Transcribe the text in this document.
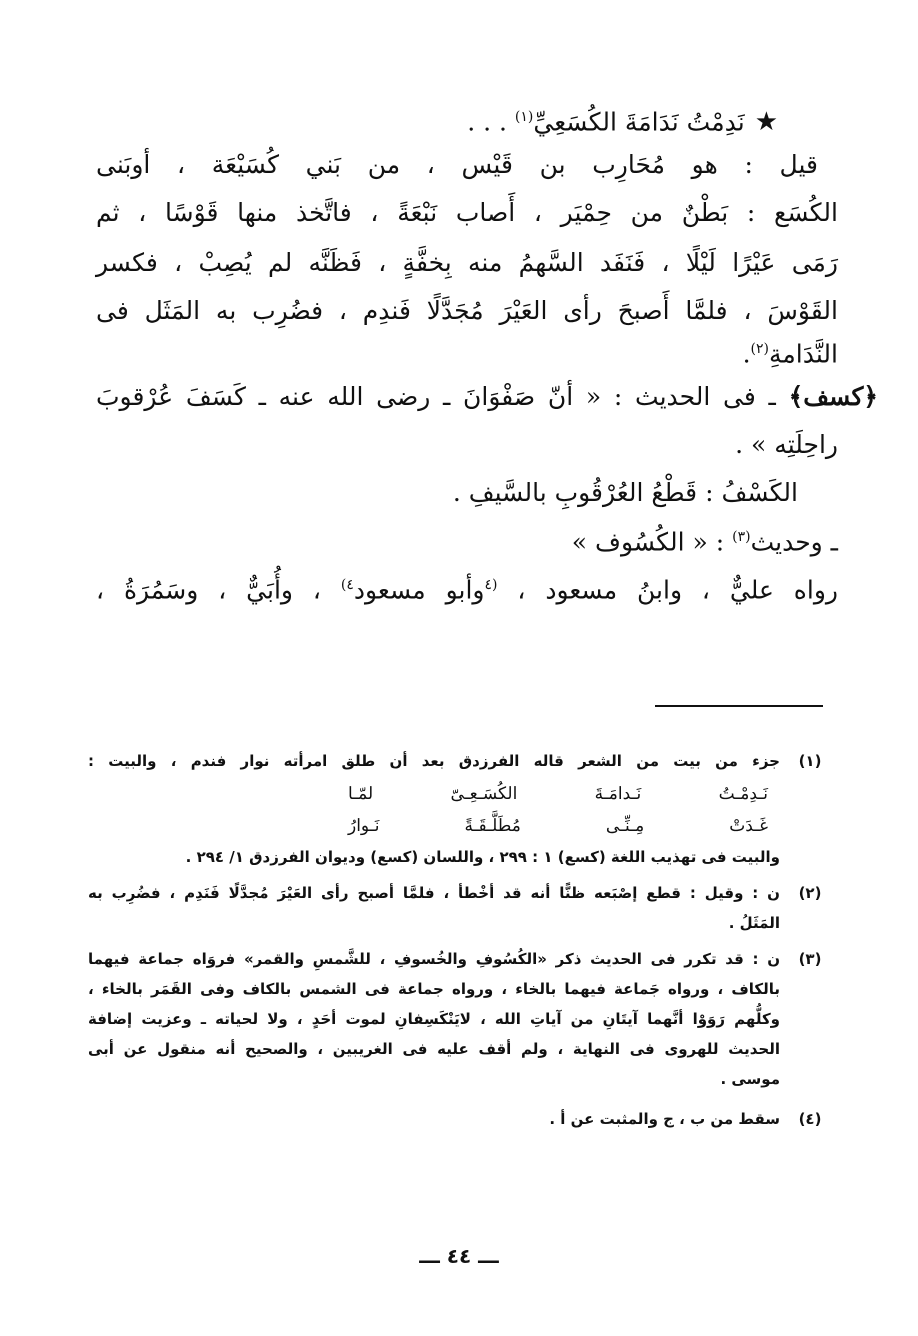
★نَدِمْتُ نَدَامَةَ الكُسَعِيِّ$^{(١)}$ . . .
قيل : هو مُحَارِب بن قَيْس ، من بَني كُسَيْعَة ، أوبَنى
الكُسَع : بَطْنٌ من حِمْيَر ، أَصاب نَبْعَةً ، فاتَّخذ منها قَوْسًا ، ثم
رَمَى عَيْرًا لَيْلًا ، فَنَفَد السَّهمُ منه بِخفَّةٍ ، فَظَنَّه لم يُصِبْ ، فكسر
القَوْسَ ، فلمَّا أَصبحَ رأى العَيْرَ مُجَدَّلًا فَندِم ، فضُرِب به المَثَل فى
النَّدَامةِ$^{(٢)}$.
﴿كسف﴾ ـ فى الحديث : « أنّ صَفْوَانَ ـ رضى الله عنه ـ كَسَفَ عُرْقوبَ
راحِلَتِه » .
الكَسْفُ : قَطْعُ العُرْقُوبِ بالسَّيفِ .
ـ وحديث$^{(٣)}$ : « الكُسُوف »
رواه عليٌّ ، وابنُ مسعود ، $^{(٤}$وأبو مسعود$^{٤)}$ ، وأُبَيٌّ ، وسَمُرَةُ ،
(١)
جزء من بيت من الشعر قاله الفرزدق بعد أن طلق امرأته نوار فندم ، والبيت :
نَـدِمْـتُ نَـدامَـةَ الكُسَـعِـىّ لمّـا
غَـدَتْ مِـنِّـى مُطَلَّـقَـةً نَـوارُ
والبيت فى تهذيب اللغة (كسع) ١ : ٢٩٩ ، واللسان (كسع) وديوان الفرزدق ١/ ٢٩٤ .
(٢)
ن : وقيل : قطع إصْبَعه ظنًّا أنه قد أخْطأ ، فلمَّا أصبح رأى العَيْرَ مُجدَّلًا فَنَدِم ، فضُرِب به
المَثَلُ .
(٣)
ن : قد تكرر فى الحديث ذكر «الكُسُوفِ والخُسوفِ ، للشَّمسِ والقمر» فروَاه جماعة فيهما
بالكاف ، ورواه جَماعة فيهما بالخاء ، ورواه جماعة فى الشمس بالكاف وفى القَمَر بالخاء ،
وكلُّهم رَوَوْا أنَّهما آيتَانِ من آياتِ الله ، لايَنْكَسِفانِ لموت أحَدٍ ، ولا لحياته ـ وعزيت إضافة
الحديث للهروى فى النهاية ، ولم أقف عليه فى الغريبين ، والصحيح أنه منقول عن أبى
موسى .
(٤)
سقط من ب ، ج والمثبت عن أ .
ـــ ٤٤ ـــ
